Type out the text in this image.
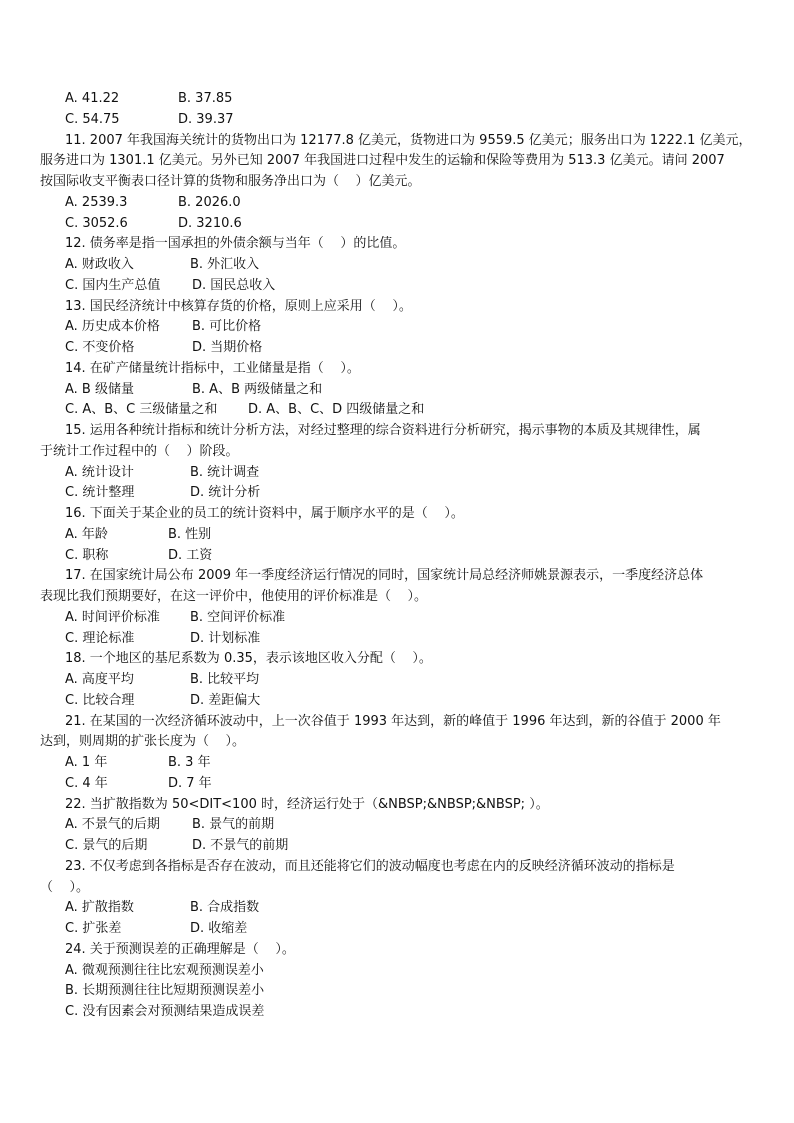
A. 41.22	B. 37.85
C. 54.75	D. 39.37
11. 2007 年我国海关统计的货物出口为 12177.8 亿美元，货物进口为 9559.5 亿美元；服务出口为 1222.1 亿美元，
服务进口为 1301.1 亿美元。另外已知 2007 年我国进口过程中发生的运输和保险等费用为 513.3 亿美元。请问 2007
按国际收支平衡表口径计算的货物和服务净出口为（    ）亿美元。
A. 2539.3	B. 2026.0
C. 3052.6	D. 3210.6
12. 债务率是指一国承担的外债余额与当年（    ）的比值。
A. 财政收入	B. 外汇收入
C. 国内生产总值 D. 国民总收入
13. 国民经济统计中核算存货的价格，原则上应采用（    ）。
A. 历史成本价格 B. 可比价格
C. 不变价格	D. 当期价格
14. 在矿产储量统计指标中，工业储量是指（    ）。
A. B 级储量	B. A、B 两级储量之和
C. A、B、C 三级储量之和 D. A、B、C、D 四级储量之和
15. 运用各种统计指标和统计分析方法，对经过整理的综合资料进行分析研究，揭示事物的本质及其规律性，属
于统计工作过程中的（    ）阶段。
A. 统计设计	B. 统计调查
C. 统计整理	D. 统计分析
16. 下面关于某企业的员工的统计资料中，属于顺序水平的是（    ）。
A. 年龄	B. 性别
C. 职称	D. 工资
17. 在国家统计局公布 2009 年一季度经济运行情况的同时，国家统计局总经济师姚景源表示，一季度经济总体
表现比我们预期要好，在这一评价中，他使用的评价标准是（    ）。
A. 时间评价标准 B. 空间评价标准
C. 理论标准	D. 计划标准
18. 一个地区的基尼系数为 0.35，表示该地区收入分配（    ）。
A. 高度平均	B. 比较平均
C. 比较合理	D. 差距偏大
21. 在某国的一次经济循环波动中，上一次谷值于 1993 年达到，新的峰值于 1996 年达到，新的谷值于 2000 年
达到，则周期的扩张长度为（    ）。
A. 1 年	B. 3 年
C. 4 年	D. 7 年
22. 当扩散指数为 50<DIT<100 时，经济运行处于（&NBSP;&NBSP;&NBSP; ）。
A. 不景气的后期 B. 景气的前期
C. 景气的后期	D. 不景气的前期
23. 不仅考虑到各指标是否存在波动，而且还能将它们的波动幅度也考虑在内的反映经济循环波动的指标是
（    ）。
A. 扩散指数	B. 合成指数
C. 扩张差	D. 收缩差
24. 关于预测误差的正确理解是（    ）。
A. 微观预测往往比宏观预测误差小
B. 长期预测往往比短期预测误差小
C. 没有因素会对预测结果造成误差
